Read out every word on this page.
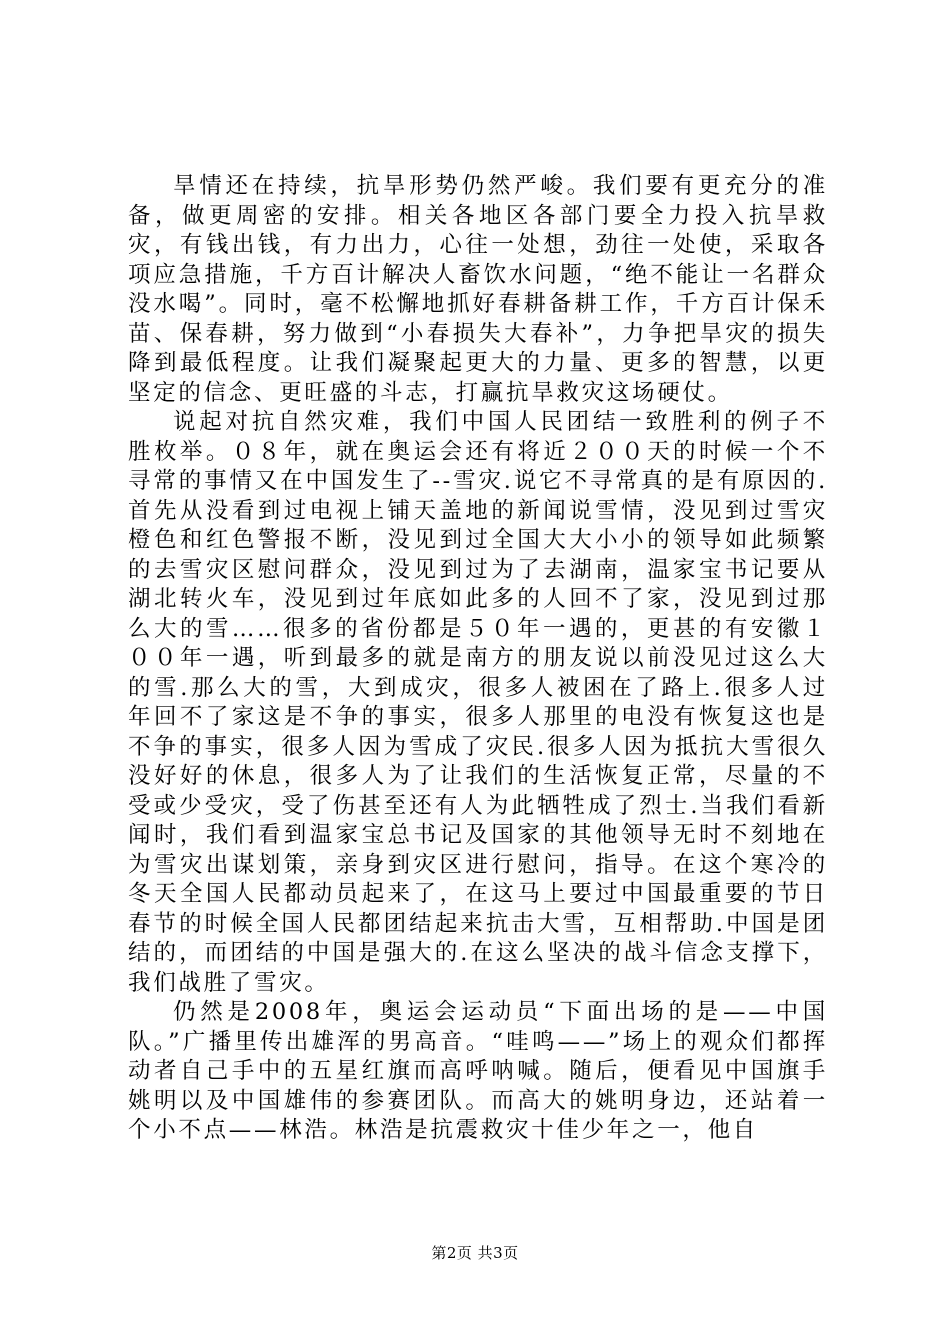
旱情还在持续，抗旱形势仍然严峻。我们要有更充分的准备，做更周密的安排。相关各地区各部门要全力投入抗旱救灾，有钱出钱，有力出力，心往一处想，劲往一处使，采取各项应急措施，千方百计解决人畜饮水问题，“绝不能让一名群众没水喝”。同时，毫不松懈地抓好春耕备耕工作，千方百计保禾苗、保春耕，努力做到“小春损失大春补”，力争把旱灾的损失降到最低程度。让我们凝聚起更大的力量、更多的智慧，以更坚定的信念、更旺盛的斗志，打赢抗旱救灾这场硬仗。

说起对抗自然灾难，我们中国人民团结一致胜利的例子不胜枚举。０８年，就在奥运会还有将近２００天的时候一个不寻常的事情又在中国发生了--雪灾.说它不寻常真的是有原因的.首先从没看到过电视上铺天盖地的新闻说雪情，没见到过雪灾橙色和红色警报不断，没见到过全国大大小小的领导如此频繁的去雪灾区慰问群众，没见到过为了去湖南，温家宝书记要从湖北转火车，没见到过年底如此多的人回不了家，没见到过那么大的雪……很多的省份都是５０年一遇的，更甚的有安徽１００年一遇，听到最多的就是南方的朋友说以前没见过这么大的雪.那么大的雪，大到成灾，很多人被困在了路上.很多人过年回不了家这是不争的事实，很多人那里的电没有恢复这也是不争的事实，很多人因为雪成了灾民.很多人因为抵抗大雪很久没好好的休息，很多人为了让我们的生活恢复正常，尽量的不受或少受灾，受了伤甚至还有人为此牺牲成了烈士.当我们看新闻时，我们看到温家宝总书记及国家的其他领导无时不刻地在为雪灾出谋划策，亲身到灾区进行慰问，指导。在这个寒冷的冬天全国人民都动员起来了，在这马上要过中国最重要的节日春节的时候全国人民都团结起来抗击大雪，互相帮助.中国是团结的，而团结的中国是强大的.在这么坚决的战斗信念支撑下，我们战胜了雪灾。

仍然是2008年，奥运会运动员“下面出场的是——中国队。”广播里传出雄浑的男高音。“哇鸣——”场上的观众们都挥动者自己手中的五星红旗而高呼呐喊。随后，便看见中国旗手姚明以及中国雄伟的参赛团队。而高大的姚明身边，还站着一个小不点——林浩。林浩是抗震救灾十佳少年之一，他自

第2页 共3页
